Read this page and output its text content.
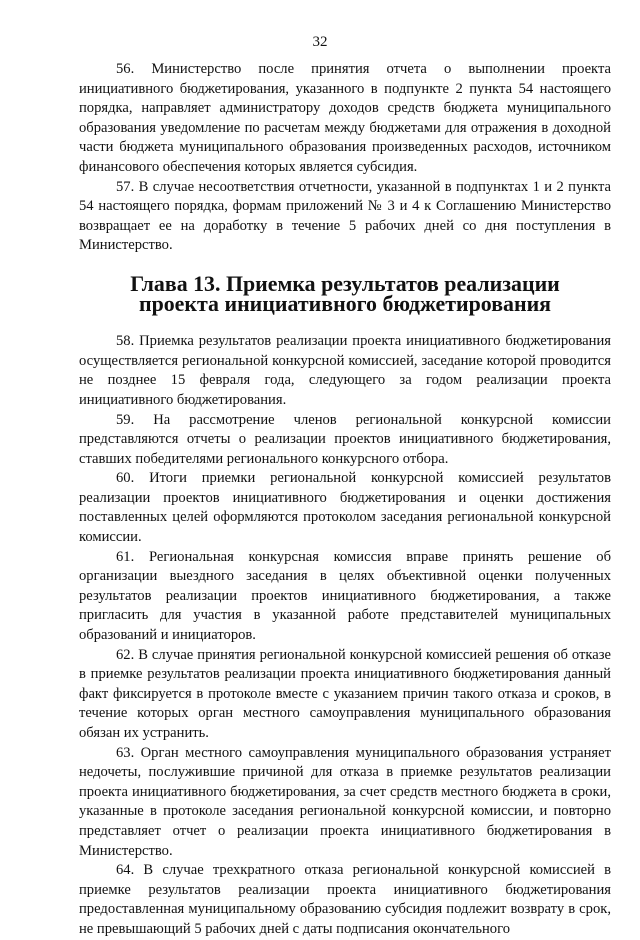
32

56. Министерство после принятия отчета о выполнении проекта инициативного бюджетирования, указанного в подпункте 2 пункта 54 настоящего порядка, направляет администратору доходов средств бюджета муниципального образования уведомление по расчетам между бюджетами для отражения в доходной части бюджета муниципального образования произведенных расходов, источником финансового обеспечения которых является субсидия.

57. В случае несоответствия отчетности, указанной в подпунктах 1 и 2 пункта 54 настоящего порядка, формам приложений № 3 и 4 к Соглашению Министерство возвращает ее на доработку в течение 5 рабочих дней со дня поступления в Министерство.

Глава 13. Приемка результатов реализации проекта инициативного бюджетирования

58. Приемка результатов реализации проекта инициативного бюджетирования осуществляется региональной конкурсной комиссией, заседание которой проводится не позднее 15 февраля года, следующего за годом реализации проекта инициативного бюджетирования.

59. На рассмотрение членов региональной конкурсной комиссии представляются отчеты о реализации проектов инициативного бюджетирования, ставших победителями регионального конкурсного отбора.

60. Итоги приемки региональной конкурсной комиссией результатов реализации проектов инициативного бюджетирования и оценки достижения поставленных целей оформляются протоколом заседания региональной конкурсной комиссии.

61. Региональная конкурсная комиссия вправе принять решение об организации выездного заседания в целях объективной оценки полученных результатов реализации проектов инициативного бюджетирования, а также пригласить для участия в указанной работе представителей муниципальных образований и инициаторов.

62. В случае принятия региональной конкурсной комиссией решения об отказе в приемке результатов реализации проекта инициативного бюджетирования данный факт фиксируется в протоколе вместе с указанием причин такого отказа и сроков, в течение которых орган местного самоуправления муниципального образования обязан их устранить.

63. Орган местного самоуправления муниципального образования устраняет недочеты, послужившие причиной для отказа в приемке результатов реализации проекта инициативного бюджетирования, за счет средств местного бюджета в сроки, указанные в протоколе заседания региональной конкурсной комиссии, и повторно представляет отчет о реализации проекта инициативного бюджетирования в Министерство.

64. В случае трехкратного отказа региональной конкурсной комиссией в приемке результатов реализации проекта инициативного бюджетирования предоставленная муниципальному образованию субсидия подлежит возврату в срок, не превышающий 5 рабочих дней с даты подписания окончательного
